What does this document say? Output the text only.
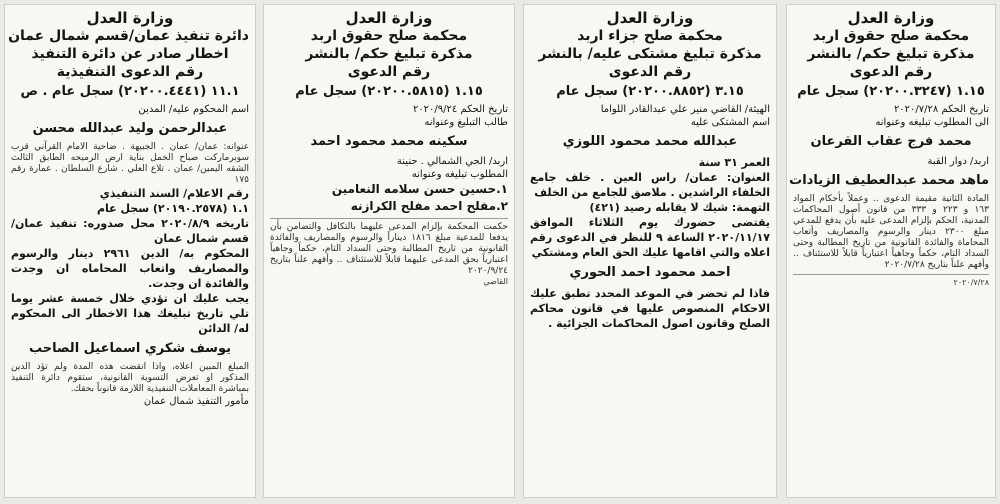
وزارة العدل
محكمة صلح حقوق اربد
مذكرة تبليغ حكم/ بالنشر
رقم الدعوى
١.١٥ (٢٠٢٠٠.٣٢٤٧) سجل عام
تاريخ الحكم ٢٠٢٠/٧/٢٨
الى المطلوب تبليغه وعنوانه
محمد فرج عقاب القرعان
اربد/ دوار القبة
ماهد محمد عبدالعطيف الزيادات
المادة الثانية مقيمة الدعوى .. وعملاً بأحكام المواد ١٦٣ و ٢٢٣ و ٣٣٣ من قانون أصول المحاكمات المدنية، الحكم بإلزام المدعى عليه بأن يدفع للمدعي مبلغ ٢٣٠٠ دينار والرسوم والمصاريف وأتعاب المحاماة والفائدة القانونية من تاريخ المطالبة وحتى السداد التام، حكماً وجاهياً اعتبارياً قابلاً للاستئناف .. وأفهم علناً بتاريخ ٢٠٢٠/٧/٢٨
٢٠٢٠/٧/٢٨
وزارة العدل
محكمة صلح جزاء اربد
مذكرة تبليغ مشتكى عليه/ بالنشر
رقم الدعوى
٣.١٥ (٢٠٢٠٠.٨٨٥٢) سجل عام
الهيئة/ القاضي منير علي عبدالقادر اللواما
اسم المشتكى عليه
عبدالله محمد محمود اللوزي
العمر ٣١ سنة
العنوان: عمان/ راس العين . خلف جامع الخلفاء الراشدين . ملاصق للجامع من الخلف
التهمة: شيك لا يقابله رصيد (٤٢١)
يقتضى حضورك يوم الثلاثاء الموافق ٢٠٢٠/١١/١٧ الساعة ٩ للنظر في الدعوى رقم اعلاه والتي اقامها عليك الحق العام ومشتكي
احمد محمود احمد الحوري
فاذا لم تحضر في الموعد المحدد تطبق عليك الاحكام المنصوص عليها في قانون محاكم الصلح وقانون اصول المحاكمات الجزائية .
وزارة العدل
محكمة صلح حقوق اربد
مذكرة تبليغ حكم/ بالنشر
رقم الدعوى
١.١٥ (٢٠٢٠٠.٥٨١٥) سجل عام
تاريخ الحكم ٢٠٢٠/٩/٢٤
طالب التبليغ وعنوانه
سكينه محمد محمود احمد
اربد/ الحي الشمالي . حنينة
المطلوب تبليغه وعنوانه
١.حسين حسن سلامه النعامين
٢.مفلح احمد مفلح الكرازنه
حكمت المحكمة بإلزام المدعى عليهما بالتكافل والتضامن بأن يدفعا للمدعية مبلغ ١٨١٦ ديناراً والرسوم والمصاريف والفائدة القانونية من تاريخ المطالبة وحتى السداد التام، حكماً وجاهياً اعتبارياً بحق المدعى عليهما قابلاً للاستئناف .. وأفهم علناً بتاريخ ٢٠٢٠/٩/٢٤
القاضي
وزارة العدل
دائرة تنفيذ عمان/قسم شمال عمان
اخطار صادر عن دائرة التنفيذ
رقم الدعوى التنفيذية
١١.١ (٢٠٢٠٠.٤٤٤١) سجل عام . ص
اسم المحكوم عليه/ المدين
عبدالرحمن وليد عبدالله محسن
عنوانه: عمان/ عمان . الجبيهة . ضاحية الامام القرآني قرب سوبرماركت صباح الخمل بناية ارض الرميحه الطابق الثالث الشقه اليمين/ عمان . تلاع العلي . شارع السلطان . عمارة رقم ١٧٥
رقم الاعلام/ السند التنفيذي
١.١ (٢٠١٩٠.٢٥٧٨) سجل عام
تاريخه ٢٠٢٠/٨/٩ محل صدوره: تنفيذ عمان/ قسم شمال عمان
المحكوم به/ الدين ٢٩٦١ دينار والرسوم والمصاريف واتعاب المحاماه ان وجدت والفائدة ان وجدت.
يجب عليك ان تؤدي خلال خمسة عشر يوما تلي تاريخ تبليغك هذا الاخطار الى المحكوم له/ الدائن
يوسف شكري اسماعيل الصاحب
المبلغ المبين اعلاه، واذا انقضت هذه المدة ولم تؤد الدين المذكور او تعرض التسوية القانونية، ستقوم دائرة التنفيذ بمباشرة المعاملات التنفيذية اللازمة قانوناً بحقك.
مأمور التنفيذ شمال عمان
